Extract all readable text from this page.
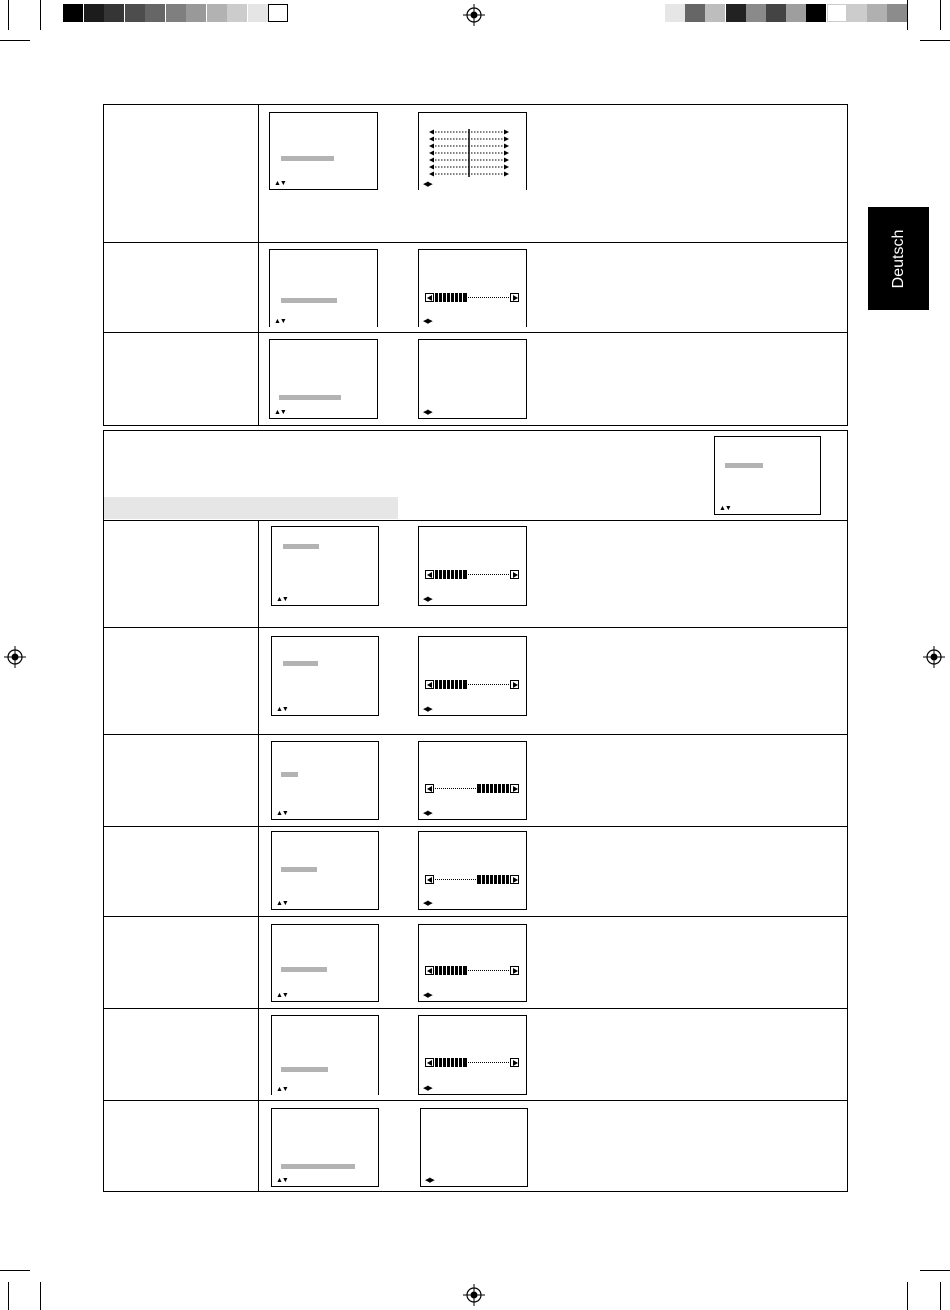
Deutsch
▲▼	◀▶
▲▼	◀▶
▲▼	◀▶
▲▼
▲▼	◀▶
▲▼	◀▶
▲▼	◀▶
▲▼	◀▶
▲▼	◀▶
▲▼	◀▶
▲▼	◀▶
